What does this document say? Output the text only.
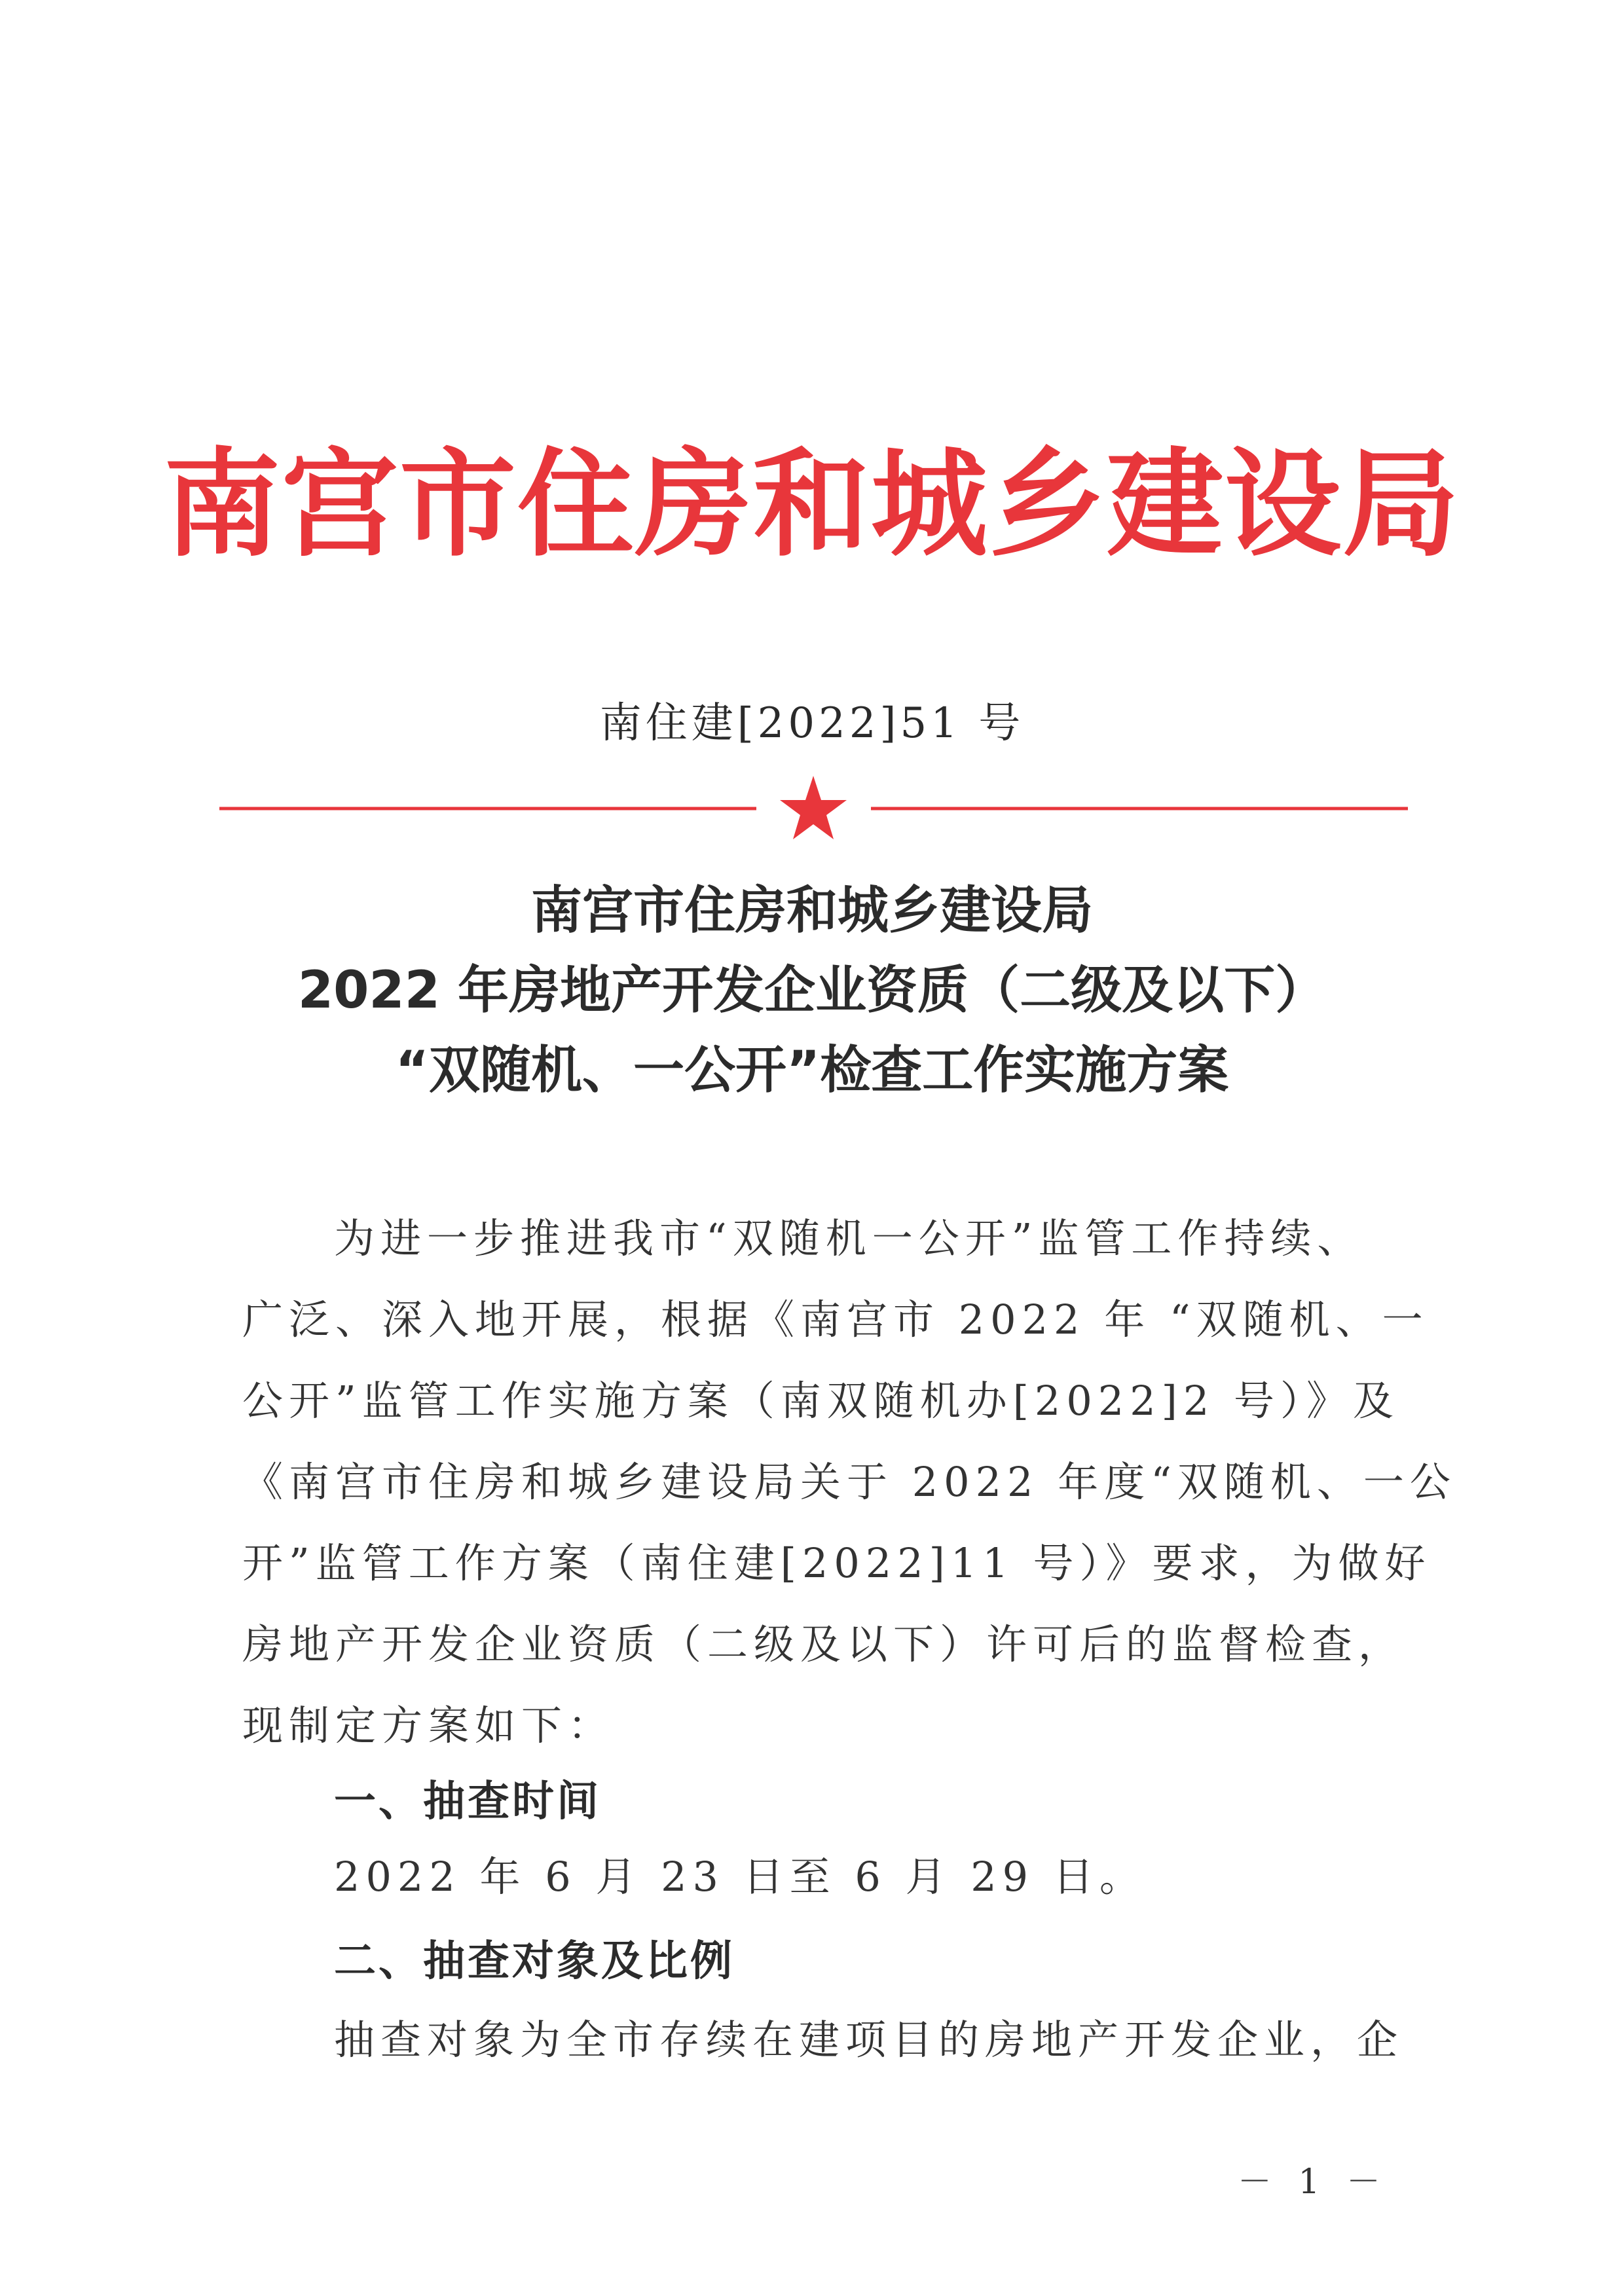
南宫市住房和城乡建设局
南住建[2022]51 号
南宫市住房和城乡建设局
2022 年房地产开发企业资质（二级及以下）
“双随机、一公开”检查工作实施方案
为进一步推进我市“双随机一公开”监管工作持续、
广泛、深入地开展，根据《南宫市 2022 年 “双随机、一
公开”监管工作实施方案（南双随机办[2022]2 号）》及
《南宫市住房和城乡建设局关于 2022 年度“双随机、一公
开”监管工作方案（南住建[2022]11 号）》要求，为做好
房地产开发企业资质（二级及以下）许可后的监督检查，
现制定方案如下：
一、抽查时间
2022 年 6 月 23 日至 6 月 29 日。
二、抽查对象及比例
抽查对象为全市存续在建项目的房地产开发企业，企
－ 1 －
